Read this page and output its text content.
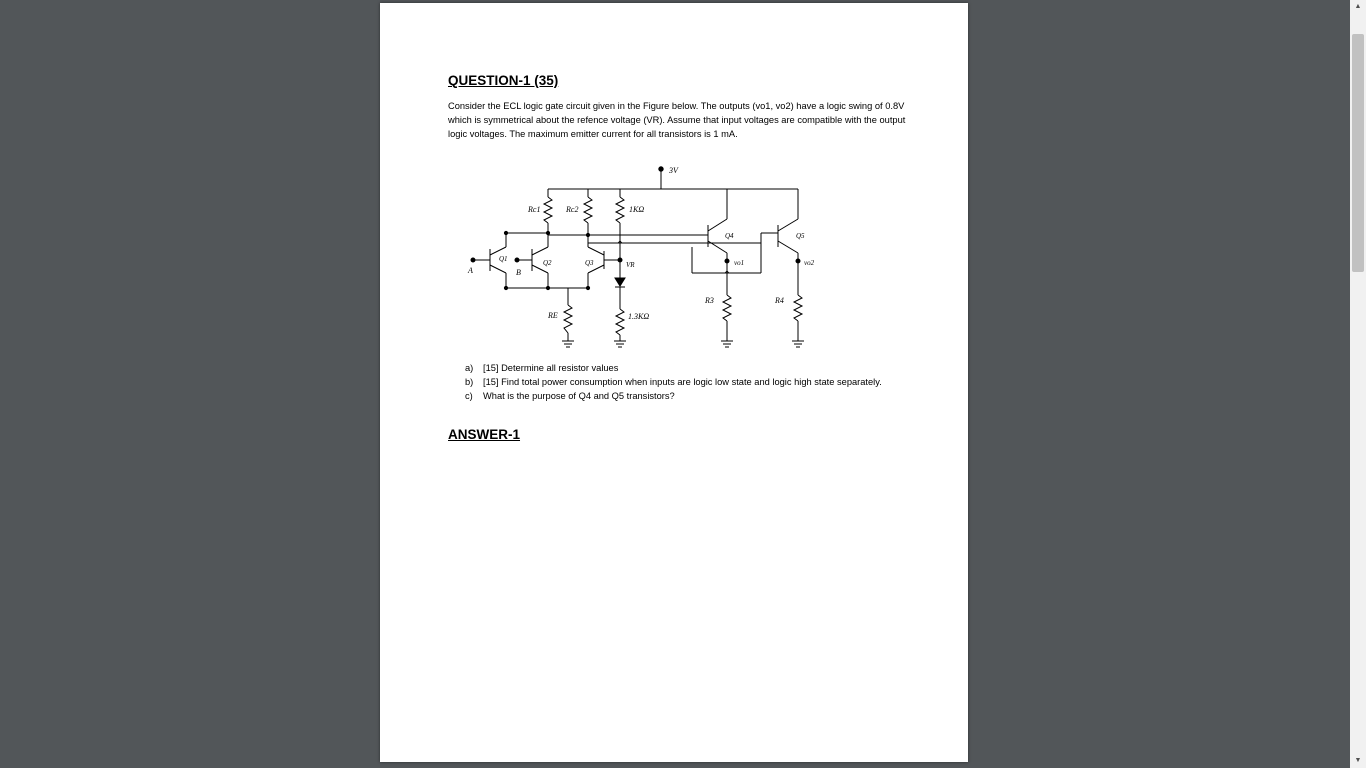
QUESTION-1 (35)
Consider the ECL logic gate circuit given in the Figure below. The outputs (vo1, vo2) have a logic swing of 0.8V which is symmetrical about the refence voltage (VR). Assume that input voltages are compatible with the output logic voltages. The maximum emitter current for all transistors is 1 mA.
3V
Rc1	Rc2	1KΩ
Q1
A
Q2
B
Q3	VR
RE	1.3KΩ
Q4
vo1
R3
Q5
vo2
R4
a) [15] Determine all resistor values
b) [15] Find total power consumption when inputs are logic low state and logic high state separately.
c) What is the purpose of Q4 and Q5 transistors?
ANSWER-1
▲
▼
